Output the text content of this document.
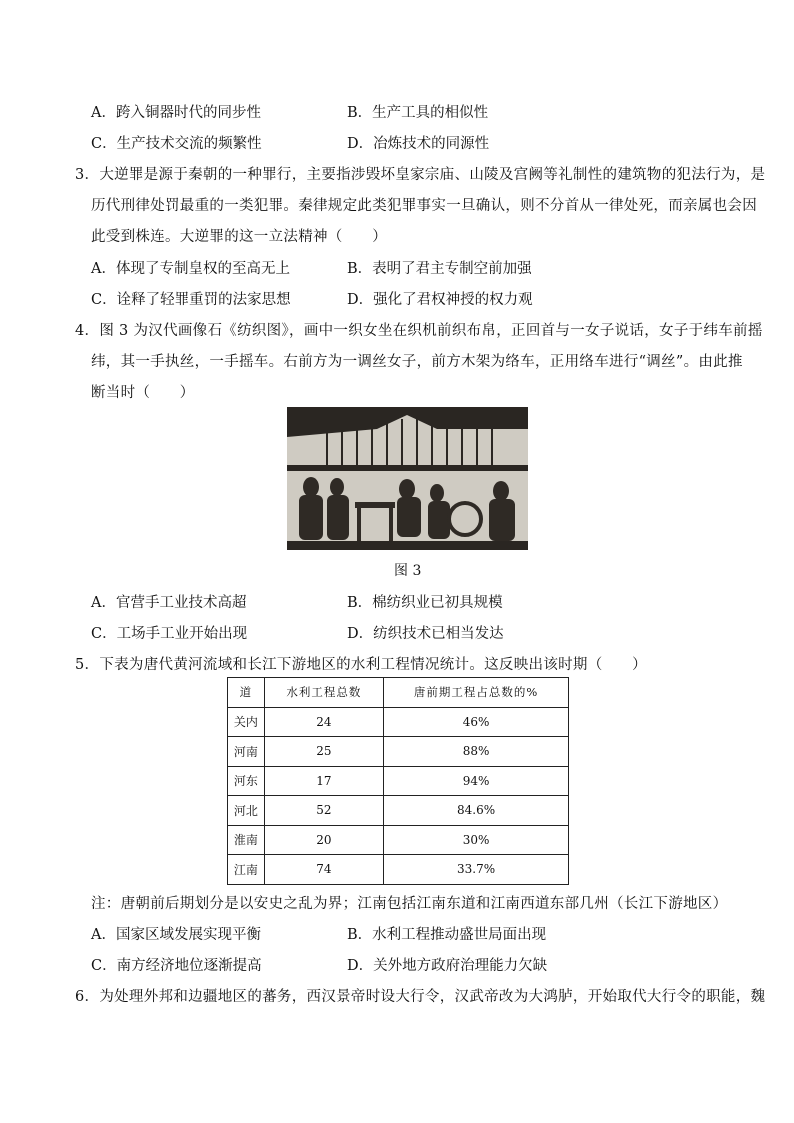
A．跨入铜器时代的同步性	B．生产工具的相似性
C．生产技术交流的频繁性	D．冶炼技术的同源性
3．大逆罪是源于秦朝的一种罪行，主要指涉毁坏皇家宗庙、山陵及宫阙等礼制性的建筑物的犯法行为，是
历代刑律处罚最重的一类犯罪。秦律规定此类犯罪事实一旦确认，则不分首从一律处死，而亲属也会因
此受到株连。大逆罪的这一立法精神（　　）
A．体现了专制皇权的至高无上	B．表明了君主专制空前加强
C．诠释了轻罪重罚的法家思想	D．强化了君权神授的权力观
4．图 3 为汉代画像石《纺织图》，画中一织女坐在织机前织布帛，正回首与一女子说话，女子于纬车前摇
纬，其一手执丝，一手摇车。右前方为一调丝女子，前方木架为络车，正用络车进行“调丝”。由此推
断当时（　　）
图 3
A．官营手工业技术高超	B．棉纺织业已初具规模
C．工场手工业开始出现	D．纺织技术已相当发达
5．下表为唐代黄河流域和长江下游地区的水利工程情况统计。这反映出该时期（　　）
道	水利工程总数	唐前期工程占总数的%
关内	24	46%
河南	25	88%
河东	17	94%
河北	52	84.6%
淮南	20	30%
江南	74	33.7%
注：唐朝前后期划分是以安史之乱为界；江南包括江南东道和江南西道东部几州（长江下游地区）
A．国家区域发展实现平衡	B．水利工程推动盛世局面出现
C．南方经济地位逐渐提高	D．关外地方政府治理能力欠缺
6．为处理外邦和边疆地区的蕃务，西汉景帝时设大行令，汉武帝改为大鸿胪，开始取代大行令的职能，魏
